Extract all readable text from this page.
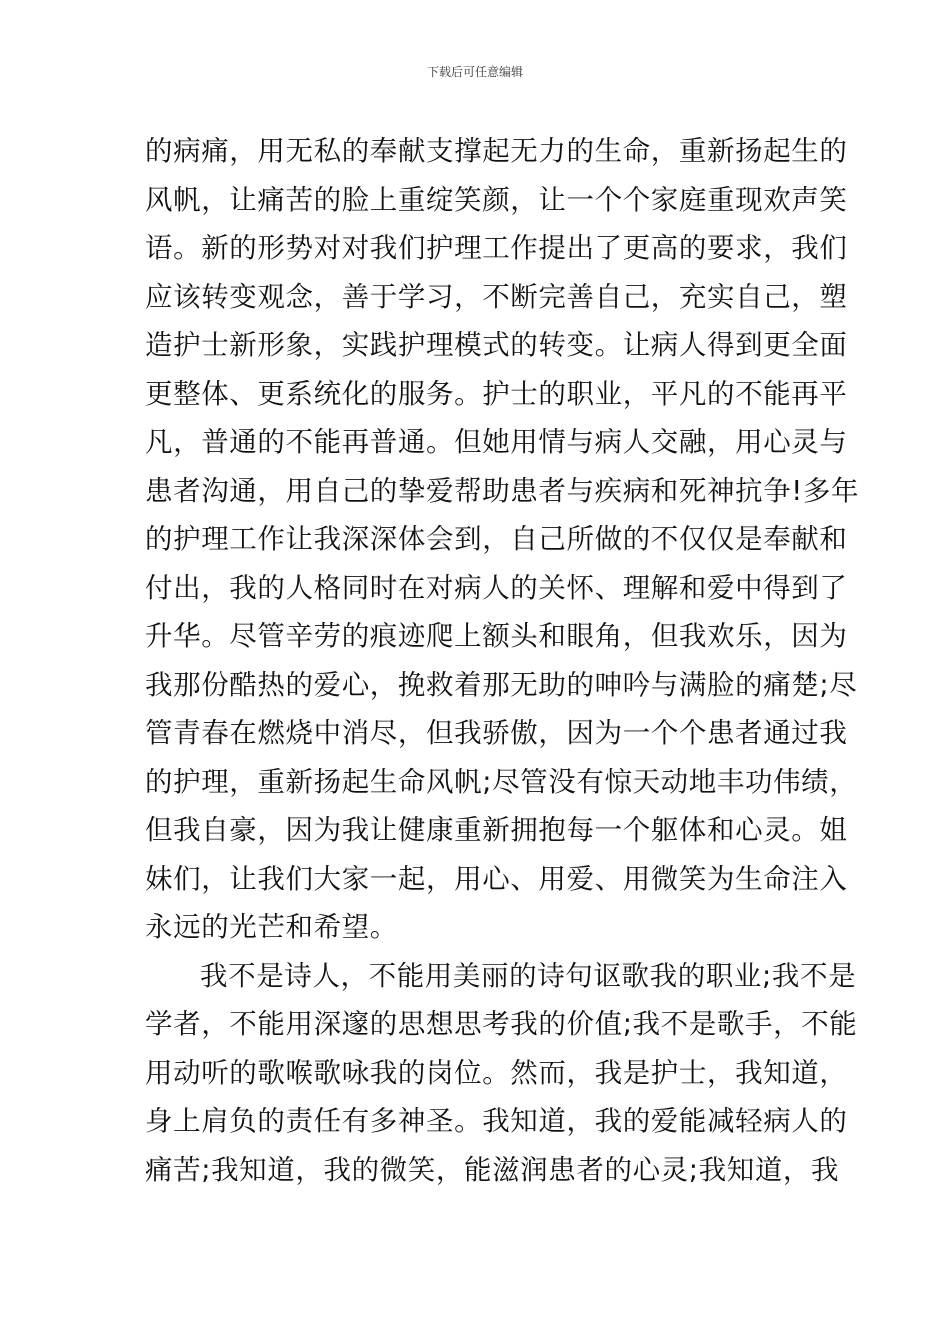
下载后可任意编辑
的病痛，用无私的奉献支撑起无力的生命，重新扬起生的
风帆，让痛苦的脸上重绽笑颜，让一个个家庭重现欢声笑
语。新的形势对对我们护理工作提出了更高的要求，我们
应该转变观念，善于学习，不断完善自己，充实自己，塑
造护士新形象，实践护理模式的转变。让病人得到更全面
更整体、更系统化的服务。护士的职业，平凡的不能再平
凡，普通的不能再普通。但她用情与病人交融，用心灵与
患者沟通，用自己的挚爱帮助患者与疾病和死神抗争!多年
的护理工作让我深深体会到，自己所做的不仅仅是奉献和
付出，我的人格同时在对病人的关怀、理解和爱中得到了
升华。尽管辛劳的痕迹爬上额头和眼角，但我欢乐，因为
我那份酷热的爱心，挽救着那无助的呻吟与满脸的痛楚;尽
管青春在燃烧中消尽，但我骄傲，因为一个个患者通过我
的护理，重新扬起生命风帆;尽管没有惊天动地丰功伟绩，
但我自豪，因为我让健康重新拥抱每一个躯体和心灵。姐
妹们，让我们大家一起，用心、用爱、用微笑为生命注入
永远的光芒和希望。
我不是诗人，不能用美丽的诗句讴歌我的职业;我不是
学者，不能用深邃的思想思考我的价值;我不是歌手，不能
用动听的歌喉歌咏我的岗位。然而，我是护士，我知道，
身上肩负的责任有多神圣。我知道，我的爱能减轻病人的
痛苦;我知道，我的微笑，能滋润患者的心灵;我知道，我
